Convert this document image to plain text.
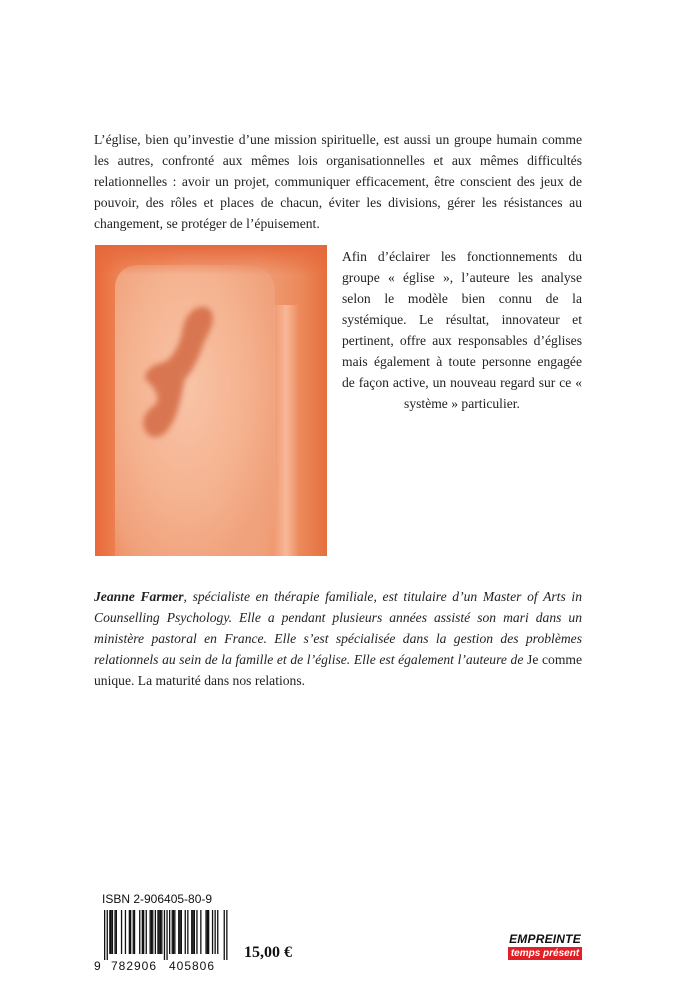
L’église, bien qu’investie d’une mission spirituelle, est aussi un groupe humain comme les autres, confronté aux mêmes lois organisationnelles et aux mêmes difficultés relationnelles : avoir un projet, communiquer efficacement, être conscient des jeux de pouvoir, des rôles et places de chacun, éviter les divisions, gérer les résistances au changement, se protéger de l’épuisement.

Afin d’éclairer les fonctionnements du groupe « église », l’auteure les analyse selon le modèle bien connu de la systémique. Le résultat, innovateur et pertinent, offre aux responsables d’églises mais également à toute personne engagée de façon active, un nouveau regard sur ce « système » particulier.

Jeanne Farmer, spécialiste en thérapie familiale, est titulaire d’un Master of Arts in Counselling Psychology. Elle a pendant plusieurs années assisté son mari dans un ministère pastoral en France. Elle s’est spécialisée dans la gestion des problèmes relationnels au sein de la famille et de l’église. Elle est également l’auteure de Je comme unique. La maturité dans nos relations.

ISBN 2-906405-80-9
9 782906 405806
15,00 €
EMPREINTE
temps présent
